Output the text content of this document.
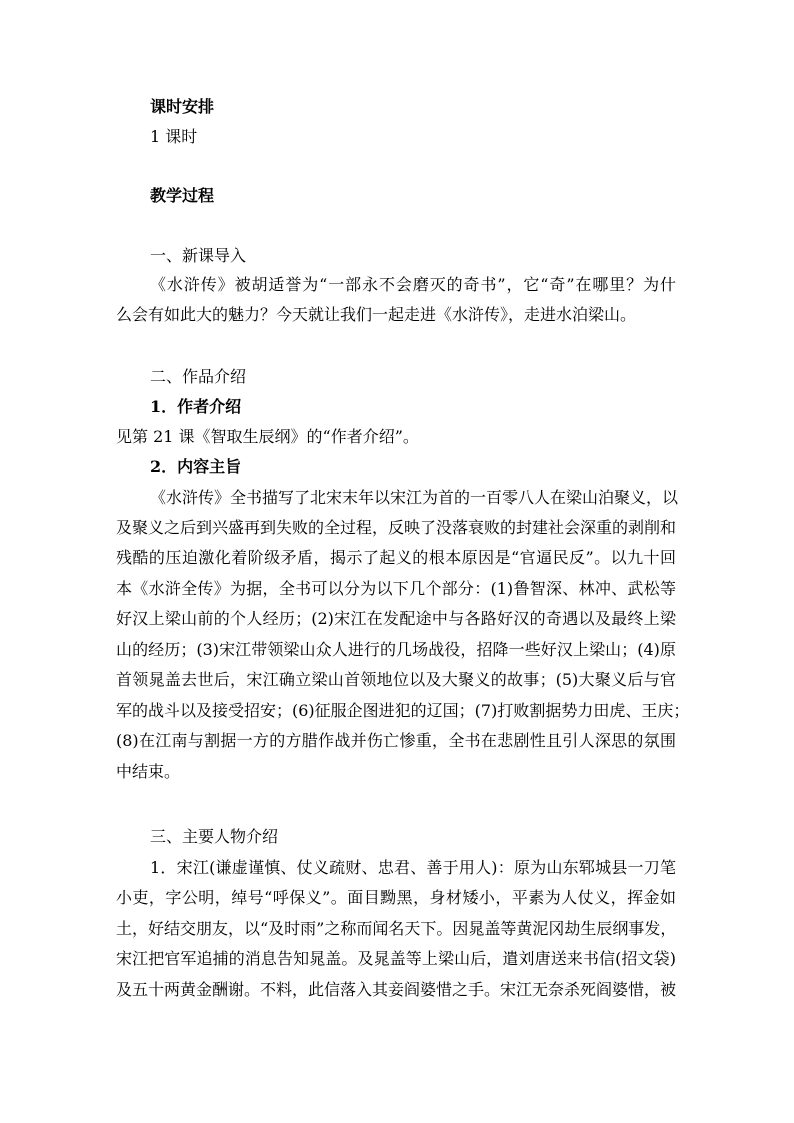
课时安排
1 课时
教学过程
一、新课导入
《水浒传》被胡适誉为“一部永不会磨灭的奇书”，它“奇”在哪里？为什
么会有如此大的魅力？今天就让我们一起走进《水浒传》，走进水泊梁山。
二、作品介绍
1．作者介绍
见第 21 课《智取生辰纲》的“作者介绍”。
2．内容主旨
《水浒传》全书描写了北宋末年以宋江为首的一百零八人在梁山泊聚义，以
及聚义之后到兴盛再到失败的全过程，反映了没落衰败的封建社会深重的剥削和
残酷的压迫激化着阶级矛盾，揭示了起义的根本原因是“官逼民反”。以九十回
本《水浒全传》为据，全书可以分为以下几个部分：(1)鲁智深、林冲、武松等
好汉上梁山前的个人经历；(2)宋江在发配途中与各路好汉的奇遇以及最终上梁
山的经历；(3)宋江带领梁山众人进行的几场战役，招降一些好汉上梁山；(4)原
首领晁盖去世后，宋江确立梁山首领地位以及大聚义的故事；(5)大聚义后与官
军的战斗以及接受招安；(6)征服企图进犯的辽国；(7)打败割据势力田虎、王庆；
(8)在江南与割据一方的方腊作战并伤亡惨重，全书在悲剧性且引人深思的氛围
中结束。
三、主要人物介绍
1．宋江(谦虚谨慎、仗义疏财、忠君、善于用人)：原为山东郓城县一刀笔
小吏，字公明，绰号“呼保义”。面目黝黑，身材矮小，平素为人仗义，挥金如
土，好结交朋友，以“及时雨”之称而闻名天下。因晁盖等黄泥冈劫生辰纲事发，
宋江把官军追捕的消息告知晁盖。及晁盖等上梁山后，遣刘唐送来书信(招文袋)
及五十两黄金酬谢。不料，此信落入其妾阎婆惜之手。宋江无奈杀死阎婆惜，被
